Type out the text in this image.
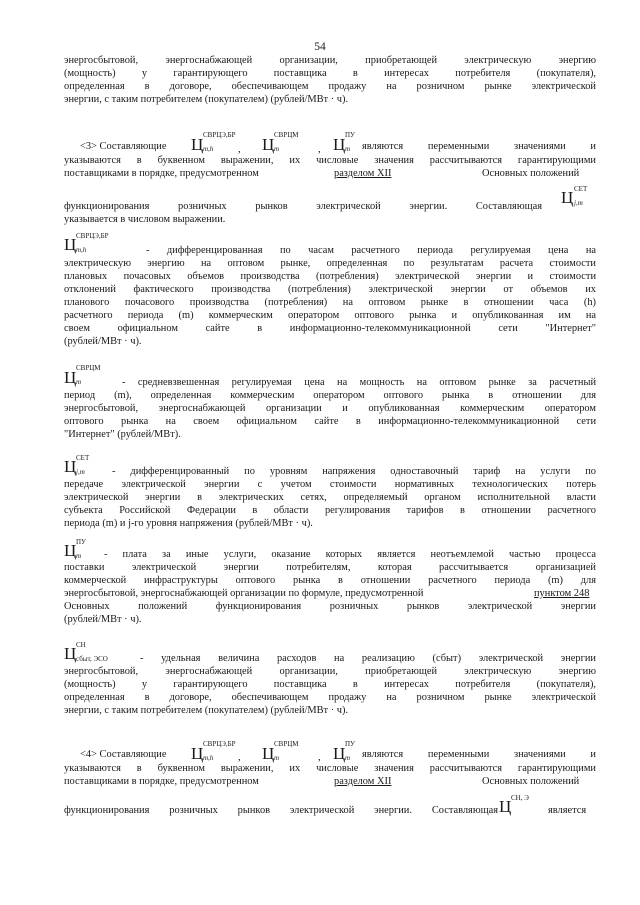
54
энергосбытовой, энергоснабжающей организации, приобретающей электрическую энергию
(мощность) у гарантирующего поставщика в интересах потребителя (покупателя),
определенная в договоре, обеспечивающем продажу на розничном рынке электрической
энергии, с таким потребителем (покупателем) (рублей/МВт · ч).
<3> Составляющие Ц СВРЦЭ,БР
m,h , Ц СВРЦМ
m	, Ц ПУ
m являются переменными значениями и
указываются в буквенном выражении, их числовые значения рассчитываются гарантирующими
поставщиками в порядке, предусмотренном	разделом XII	Основных положений
Ц СЕТ
j,m
функционирования розничных рынков электрической энергии. Составляющая
указывается в числовом выражении.
Ц СВРЦЭ,БР
m,h	- дифференцированная по часам расчетного периода регулируемая цена на
электрическую энергию на оптовом рынке, определенная по результатам расчета стоимости
плановых почасовых объемов производства (потребления) электрической энергии и стоимости
отклонений фактического производства (потребления) электрической энергии от объемов их
планового почасового производства (потребления) на оптовом рынке в отношении часа (h)
расчетного периода (m) коммерческим оператором оптового рынка и опубликованная им на
своем официальном сайте в информационно-телекоммуникационной сети "Интернет"
(рублей/МВт · ч).
Ц СВРЦМ
m	- средневзвешенная регулируемая цена на мощность на оптовом рынке за расчетный
период (m), определенная коммерческим оператором оптового рынка в отношении для
энергосбытовой, энергоснабжающей организации и опубликованная коммерческим оператором
оптового рынка на своем официальном сайте в информационно-телекоммуникационной сети
"Интернет" (рублей/МВт).
Ц СЕТ
j,m	- дифференцированный по уровням напряжения одноставочный тариф на услуги по
передаче электрической энергии с учетом стоимости нормативных технологических потерь
электрической энергии в электрических сетях, определяемый органом исполнительной власти
субъекта Российской Федерации в области регулирования тарифов в отношении расчетного
периода (m) и j-го уровня напряжения (рублей/МВт · ч).
Ц ПУ
m - плата за иные услуги, оказание которых является неотъемлемой частью процесса
поставки электрической энергии потребителям, которая рассчитывается организацией
коммерческой инфраструктуры оптового рынка в отношении расчетного периода (m) для
энергосбытовой, энергоснабжающей организации по формуле, предусмотренной	пунктом 248
Основных положений функционирования розничных рынков электрической энергии
(рублей/МВт · ч).
Ц СН
сбыт, ЭСО	- удельная величина расходов на реализацию (сбыт) электрической энергии
энергосбытовой, энергоснабжающей организации, приобретающей электрическую энергию
(мощность) у гарантирующего поставщика в интересах потребителя (покупателя),
определенная в договоре, обеспечивающем продажу на розничном рынке электрической
энергии, с таким потребителем (покупателем) (рублей/МВт · ч).
<4> Составляющие Ц СВРЦЭ,БР
m,h , Ц СВРЦМ
m	, Ц ПУ
m являются переменными значениями и
указываются в буквенном выражении, их числовые значения рассчитываются гарантирующими
поставщиками в порядке, предусмотренном	разделом XII	Основных положений
функционирования розничных рынков электрической энергии. Составляющая Ц СН, Э
является
